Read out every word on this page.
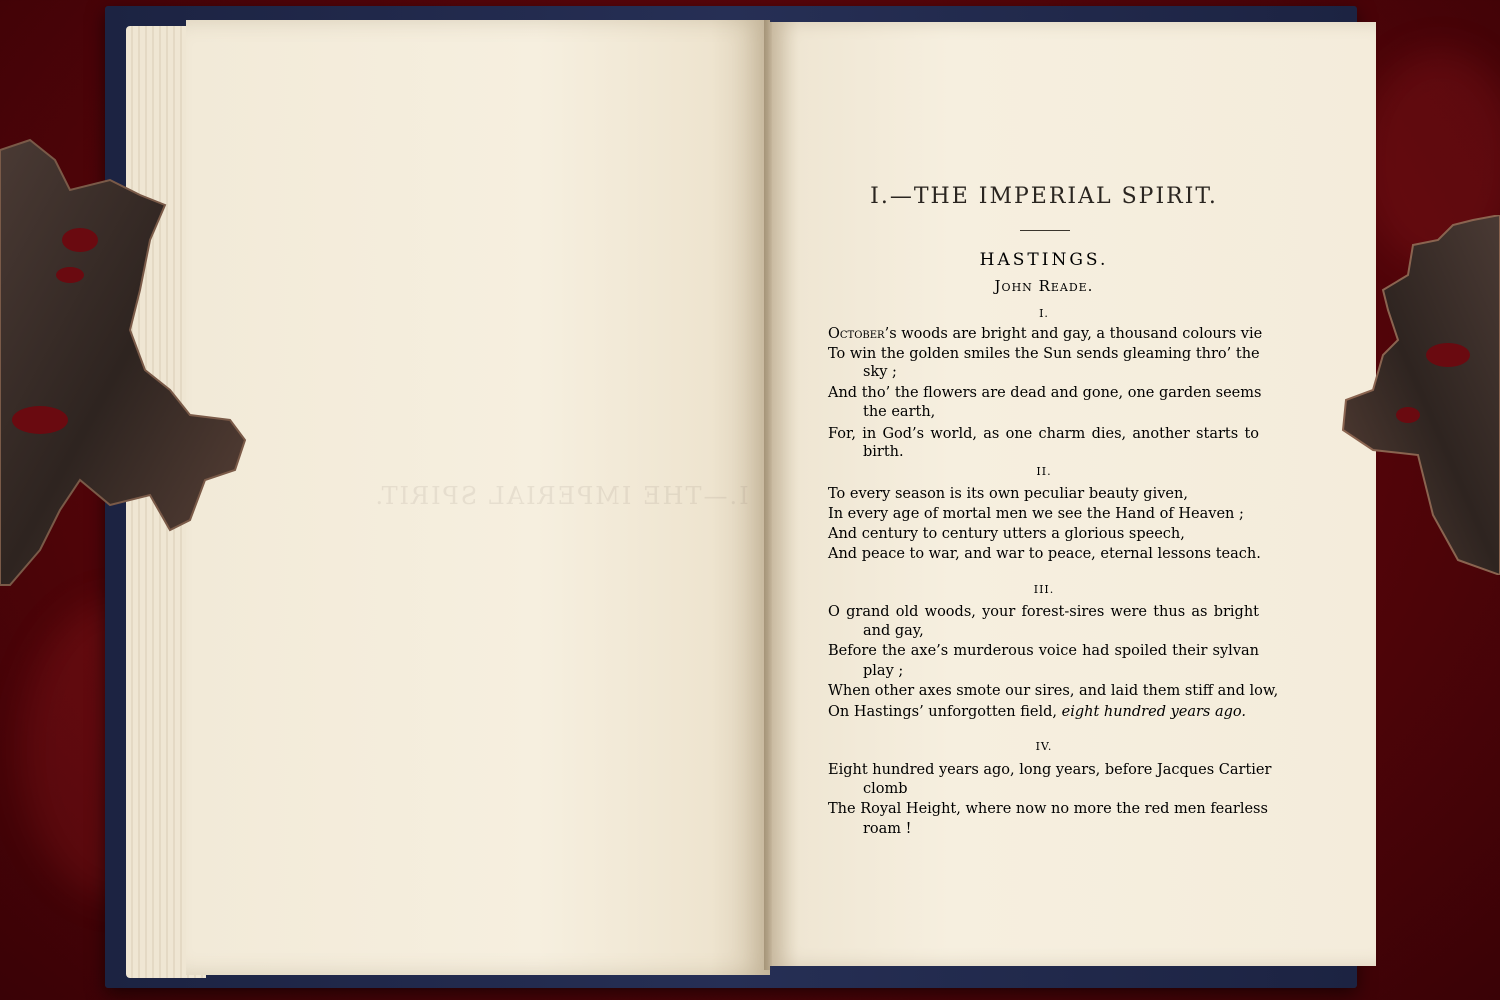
I.—THE IMPERIAL SPIRIT.
I.—THE IMPERIAL SPIRIT.
HASTINGS.
John Reade.
I.
October’s woods are bright and gay, a thousand colours vie
To win the golden smiles the Sun sends gleaming thro’ the
sky ;
And tho’ the flowers are dead and gone, one garden seems
the earth,
For, in God’s world, as one charm dies, another starts to
birth.
II.
To every season is its own peculiar beauty given,
In every age of mortal men we see the Hand of Heaven ;
And century to century utters a glorious speech,
And peace to war, and war to peace, eternal lessons teach.
III.
O grand old woods, your forest-sires were thus as bright
and gay,
Before the axe’s murderous voice had spoiled their sylvan
play ;
When other axes smote our sires, and laid them stiff and low,
On Hastings’ unforgotten field, eight hundred years ago.
IV.
Eight hundred years ago, long years, before Jacques Cartier
clomb
The Royal Height, where now no more the red men fearless
roam !
